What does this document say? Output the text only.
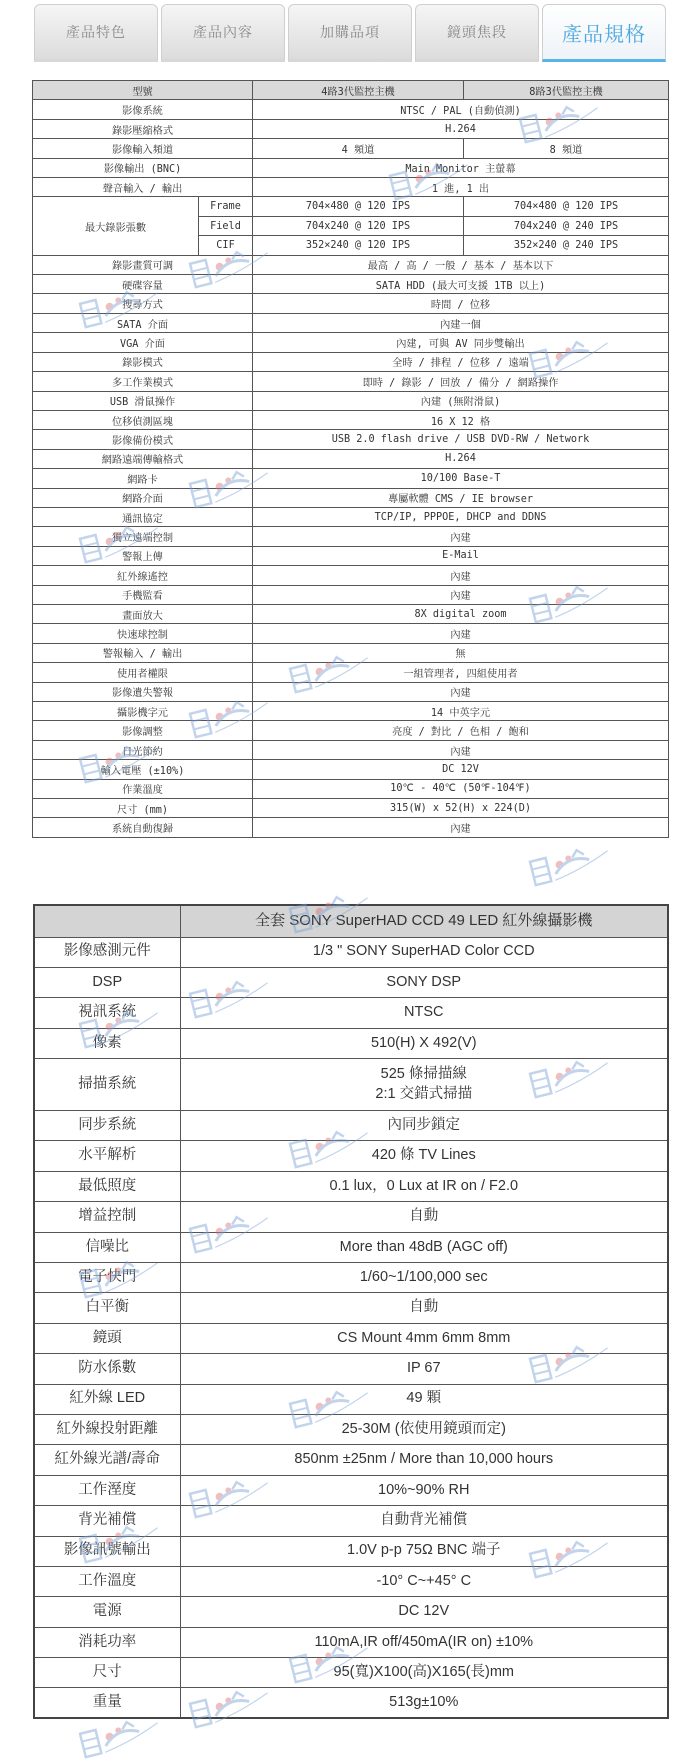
產品特色	產品內容	加購品項	鏡頭焦段	產品規格
型號		4路3代監控主機	8路3代監控主機
影像系統		NTSC / PAL (自動偵測)	
錄影壓縮格式		H.264	
影像輸入頻道		4 頻道	8 頻道
影像輸出 (BNC)		Main Monitor 主螢幕	
聲音輸入 / 輸出		1 進, 1 出	
最大錄影張數	Frame	704×480 @ 120 IPS	704×480 @ 120 IPS
	Field	704x240 @ 120 IPS	704x240 @ 240 IPS
	CIF	352×240 @ 120 IPS	352×240 @ 240 IPS
錄影畫質可調		最高 / 高 / 一般 / 基本 / 基本以下	
硬碟容量		SATA HDD (最大可支援 1TB 以上)	
搜尋方式		時間 / 位移	
SATA 介面		內建一個	
VGA 介面		內建, 可與 AV 同步雙輸出	
錄影模式		全時 / 排程 / 位移 / 遠端	
多工作業模式		即時 / 錄影 / 回放 / 備分 / 網路操作	
USB 滑鼠操作		內建 (無附滑鼠)	
位移偵測區塊		16 X 12 格	
影像備份模式		USB 2.0 flash drive / USB DVD-RW / Network	
網路遠端傳輸格式		H.264	
網路卡		10/100 Base-T	
網路介面		專屬軟體 CMS / IE browser	
通訊協定		TCP/IP, PPPOE, DHCP and DDNS	
獨立遠端控制		內建	
警報上傳		E-Mail	
紅外線遙控		內建	
手機監看		內建	
畫面放大		8X digital zoom	
快速球控制		內建	
警報輸入 / 輸出		無	
使用者權限		一組管理者, 四組使用者	
影像遺失警報		內建	
攝影機字元		14 中英字元	
影像調整		亮度 / 對比 / 色相 / 飽和	
日光節約		內建	
輸入電壓 (±10%)		DC 12V	
作業溫度		10℃ - 40℃ (50℉-104℉)	
尺寸 (mm)		315(W) x 52(H) x 224(D)	
系統自動復歸		內建	
	全套 SONY SuperHAD CCD 49 LED 紅外線攝影機
影像感測元件	1/3 " SONY SuperHAD Color CCD
DSP	SONY DSP
視訊系統	NTSC
像素	510(H) X 492(V)
掃描系統	525 條掃描線
2:1 交錯式掃描

同步系統	內同步鎖定
水平解析	420 條 TV Lines
最低照度	0.1 lux，0 Lux at IR on / F2.0
增益控制	自動
信噪比	More than 48dB (AGC off)
電子快門	1/60~1/100,000 sec
白平衡	自動
鏡頭	CS Mount 4mm 6mm 8mm
防水係數	IP 67
紅外線 LED	49 顆
紅外線投射距離	25-30M (依使用鏡頭而定)
紅外線光譜/壽命	850nm ±25nm / More than 10,000 hours
工作溼度	10%~90% RH
背光補償	自動背光補償
影像訊號輸出	1.0V p-p 75Ω BNC 端子
工作溫度	-10° C~+45° C
電源	DC 12V
消耗功率	110mA,IR off/450mA(IR on) ±10%
尺寸	95(寬)X100(高)X165(長)mm
重量	513g±10%
